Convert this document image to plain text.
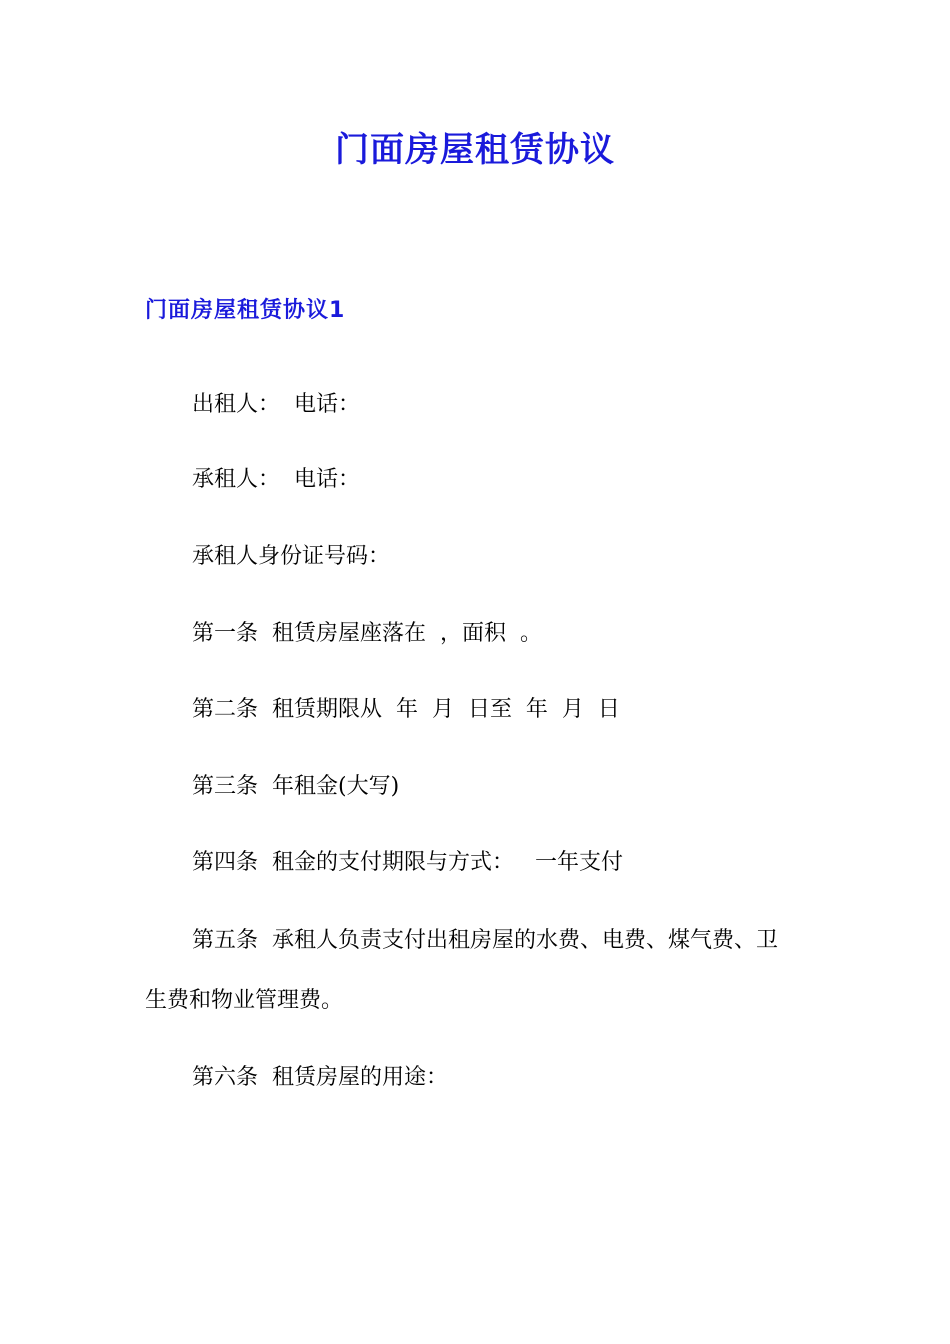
门面房屋租赁协议
门面房屋租赁协议1
出租人：  电话：
承租人：  电话：
承租人身份证号码：
第一条  租赁房屋座落在  ，面积  。
第二条  租赁期限从  年  月  日至  年  月  日
第三条  年租金(大写)
第四条  租金的支付期限与方式：   一年支付
第五条  承租人负责支付出租房屋的水费、电费、煤气费、卫
生费和物业管理费。
第六条  租赁房屋的用途：
